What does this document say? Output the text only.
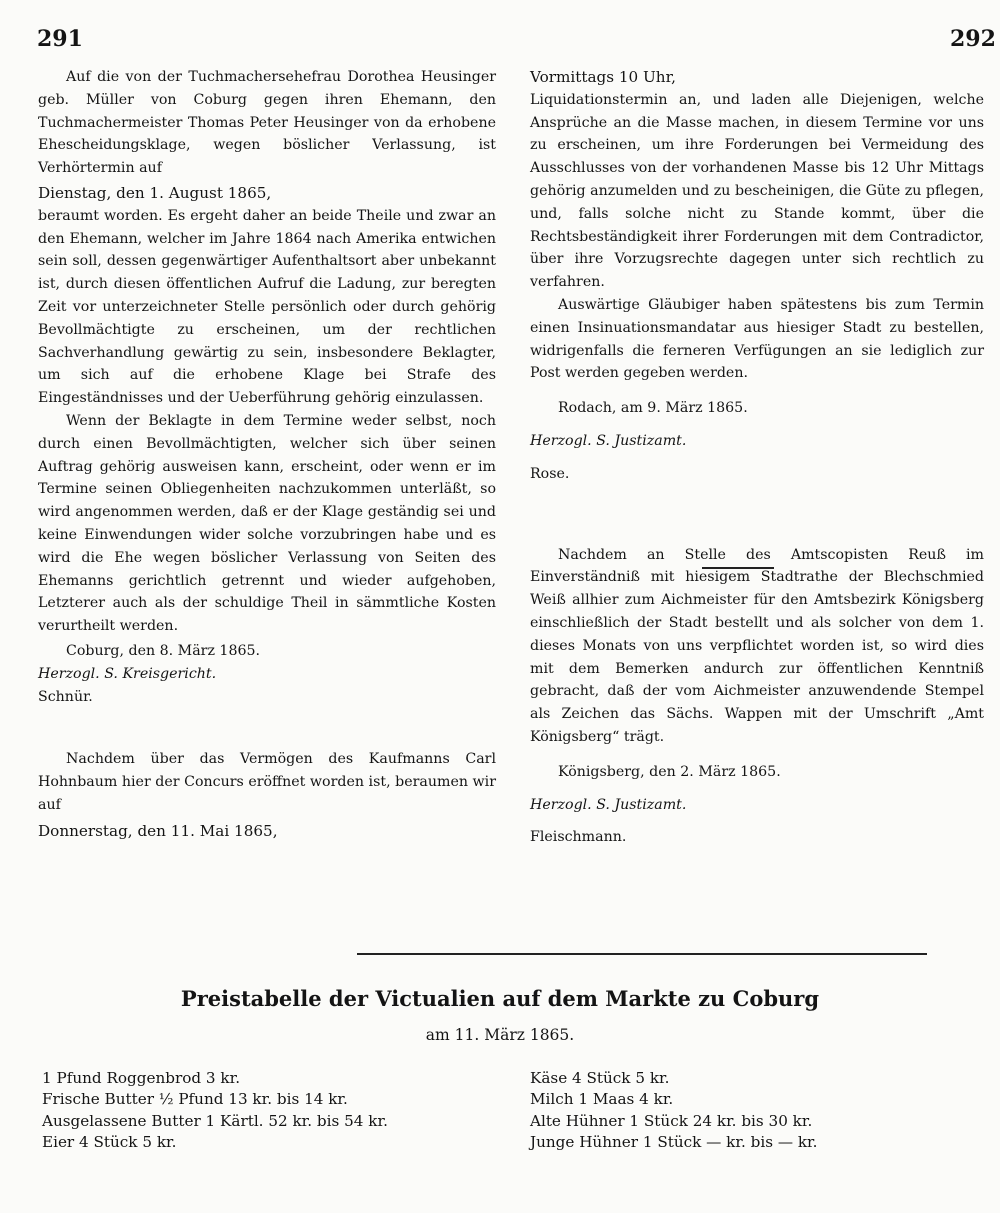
291	292

Auf die von der Tuchmachersehefrau Dorothea Heusinger geb. Müller von Coburg gegen ihren Ehemann, den Tuchmachermeister Thomas Peter Heusinger von da erhobene Ehescheidungsklage, wegen böslicher Verlassung, ist Verhörtermin auf

Dienstag, den 1. August 1865,

beraumt worden. Es ergeht daher an beide Theile und zwar an den Ehemann, welcher im Jahre 1864 nach Amerika entwichen sein soll, dessen gegenwärtiger Aufenthaltsort aber unbekannt ist, durch diesen öffentlichen Aufruf die Ladung, zur beregten Zeit vor unterzeichneter Stelle persönlich oder durch gehörig Bevollmächtigte zu erscheinen, um der rechtlichen Sachverhandlung gewärtig zu sein, insbesondere Beklagter, um sich auf die erhobene Klage bei Strafe des Eingeständnisses und der Ueberführung gehörig einzulassen.

Wenn der Beklagte in dem Termine weder selbst, noch durch einen Bevollmächtigten, welcher sich über seinen Auftrag gehörig ausweisen kann, erscheint, oder wenn er im Termine seinen Obliegenheiten nachzukommen unterläßt, so wird angenommen werden, daß er der Klage geständig sei und keine Einwendungen wider solche vorzubringen habe und es wird die Ehe wegen böslicher Verlassung von Seiten des Ehemanns gerichtlich getrennt und wieder aufgehoben, Letzterer auch als der schuldige Theil in sämmtliche Kosten verurtheilt werden.

Coburg, den 8. März 1865.

Herzogl. S. Kreisgericht.

Schnür.

Nachdem über das Vermögen des Kaufmanns Carl Hohnbaum hier der Concurs eröffnet worden ist, beraumen wir auf

Donnerstag, den 11. Mai 1865,

Vormittags 10 Uhr,

Liquidationstermin an, und laden alle Diejenigen, welche Ansprüche an die Masse machen, in diesem Termine vor uns zu erscheinen, um ihre Forderungen bei Vermeidung des Ausschlusses von der vorhandenen Masse bis 12 Uhr Mittags gehörig anzumelden und zu bescheinigen, die Güte zu pflegen, und, falls solche nicht zu Stande kommt, über die Rechtsbeständigkeit ihrer Forderungen mit dem Contradictor, über ihre Vorzugsrechte dagegen unter sich rechtlich zu verfahren.

Auswärtige Gläubiger haben spätestens bis zum Termin einen Insinuationsmandatar aus hiesiger Stadt zu bestellen, widrigenfalls die ferneren Verfügungen an sie lediglich zur Post werden gegeben werden.

Rodach, am 9. März 1865.

Herzogl. S. Justizamt.

Rose.

Nachdem an Stelle des Amtscopisten Reuß im Einverständniß mit hiesigem Stadtrathe der Blechschmied Weiß allhier zum Aichmeister für den Amtsbezirk Königsberg einschließlich der Stadt bestellt und als solcher von dem 1. dieses Monats von uns verpflichtet worden ist, so wird dies mit dem Bemerken andurch zur öffentlichen Kenntniß gebracht, daß der vom Aichmeister anzuwendende Stempel als Zeichen das Sächs. Wappen mit der Umschrift „Amt Königsberg“ trägt.

Königsberg, den 2. März 1865.

Herzogl. S. Justizamt.

Fleischmann.

Preistabelle der Victualien auf dem Markte zu Coburg
am 11. März 1865.
1 Pfund Roggenbrod 3 kr.
Frische Butter ½ Pfund 13 kr. bis 14 kr.
Ausgelassene Butter 1 Kärtl. 52 kr. bis 54 kr.
Eier 4 Stück 5 kr.
Käse 4 Stück 5 kr.
Milch 1 Maas 4 kr.
Alte Hühner 1 Stück 24 kr. bis 30 kr.
Junge Hühner 1 Stück — kr. bis — kr.
